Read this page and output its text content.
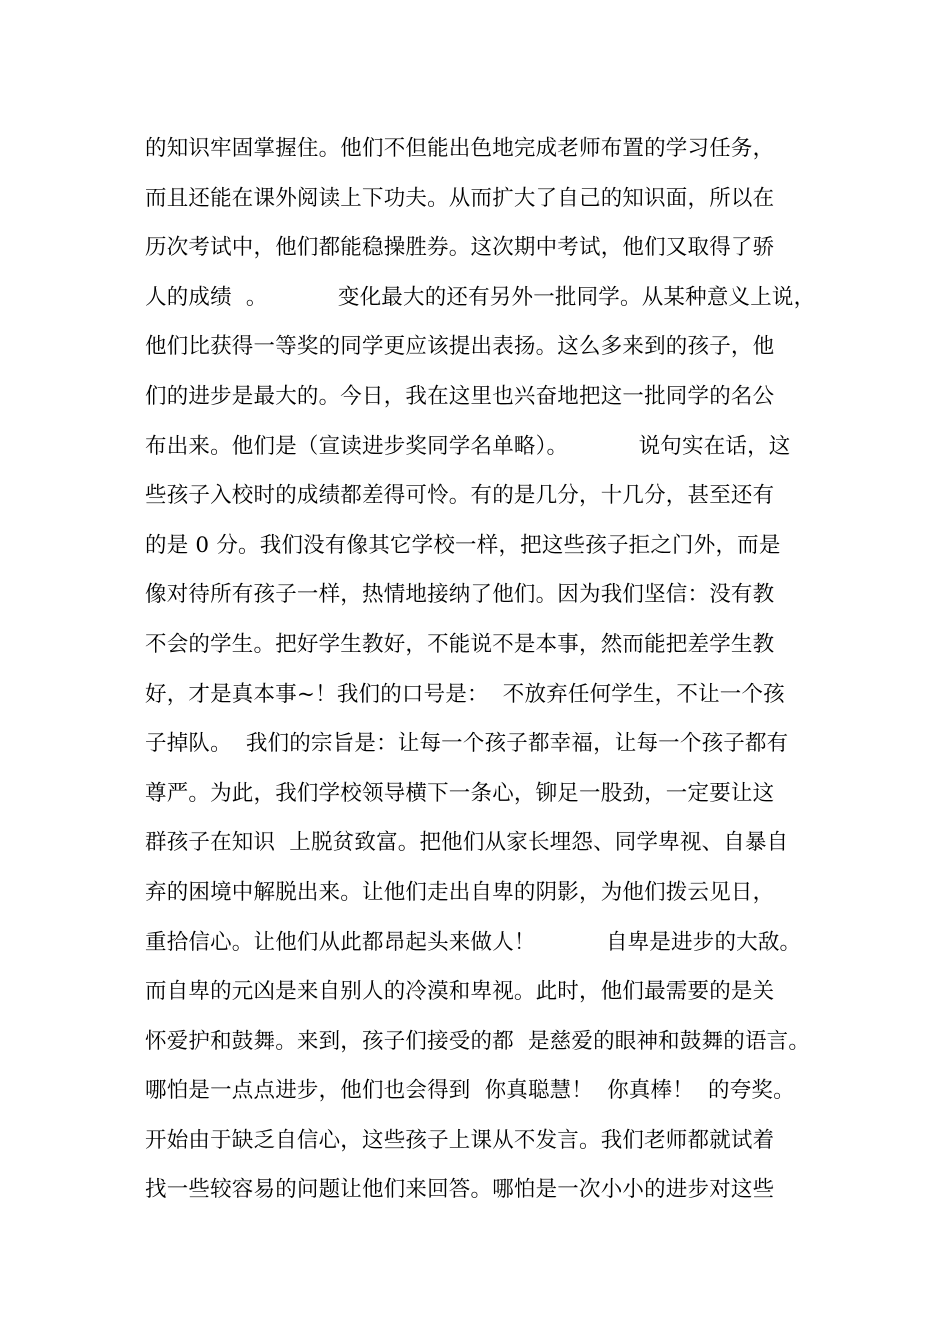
的知识牢固掌握住。他们不但能出色地完成老师布置的学习任务，
而且还能在课外阅读上下功夫。从而扩大了自己的知识面，所以在
历次考试中，他们都能稳操胜券。这次期中考试，他们又取得了骄
人的成绩  。          变化最大的还有另外一批同学。从某种意义上说，
他们比获得一等奖的同学更应该提出表扬。这么多来到的孩子，他
们的进步是最大的。今日，我在这里也兴奋地把这一批同学的名公
布出来。他们是（宣读进步奖同学名单略）。          说句实在话，这
些孩子入校时的成绩都差得可怜。有的是几分，十几分，甚至还有
的是 0 分。我们没有像其它学校一样，把这些孩子拒之门外，而是
像对待所有孩子一样，热情地接纳了他们。因为我们坚信：没有教
不会的学生。把好学生教好，不能说不是本事，然而能把差学生教
好，才是真本事~！我们的口号是：  不放弃任何学生，不让一个孩
子掉队。  我们的宗旨是：让每一个孩子都幸福，让每一个孩子都有
尊严。为此，我们学校领导横下一条心，铆足一股劲，一定要让这
群孩子在知识  上脱贫致富。把他们从家长埋怨、同学卑视、自暴自
弃的困境中解脱出来。让他们走出自卑的阴影，为他们拨云见日，
重拾信心。让他们从此都昂起头来做人！          自卑是进步的大敌。
而自卑的元凶是来自别人的冷漠和卑视。此时，他们最需要的是关
怀爱护和鼓舞。来到，孩子们接受的都  是慈爱的眼神和鼓舞的语言。
哪怕是一点点进步，他们也会得到  你真聪慧！  你真棒！  的夸奖。
开始由于缺乏自信心，这些孩子上课从不发言。我们老师都就试着
找一些较容易的问题让他们来回答。哪怕是一次小小的进步对这些
